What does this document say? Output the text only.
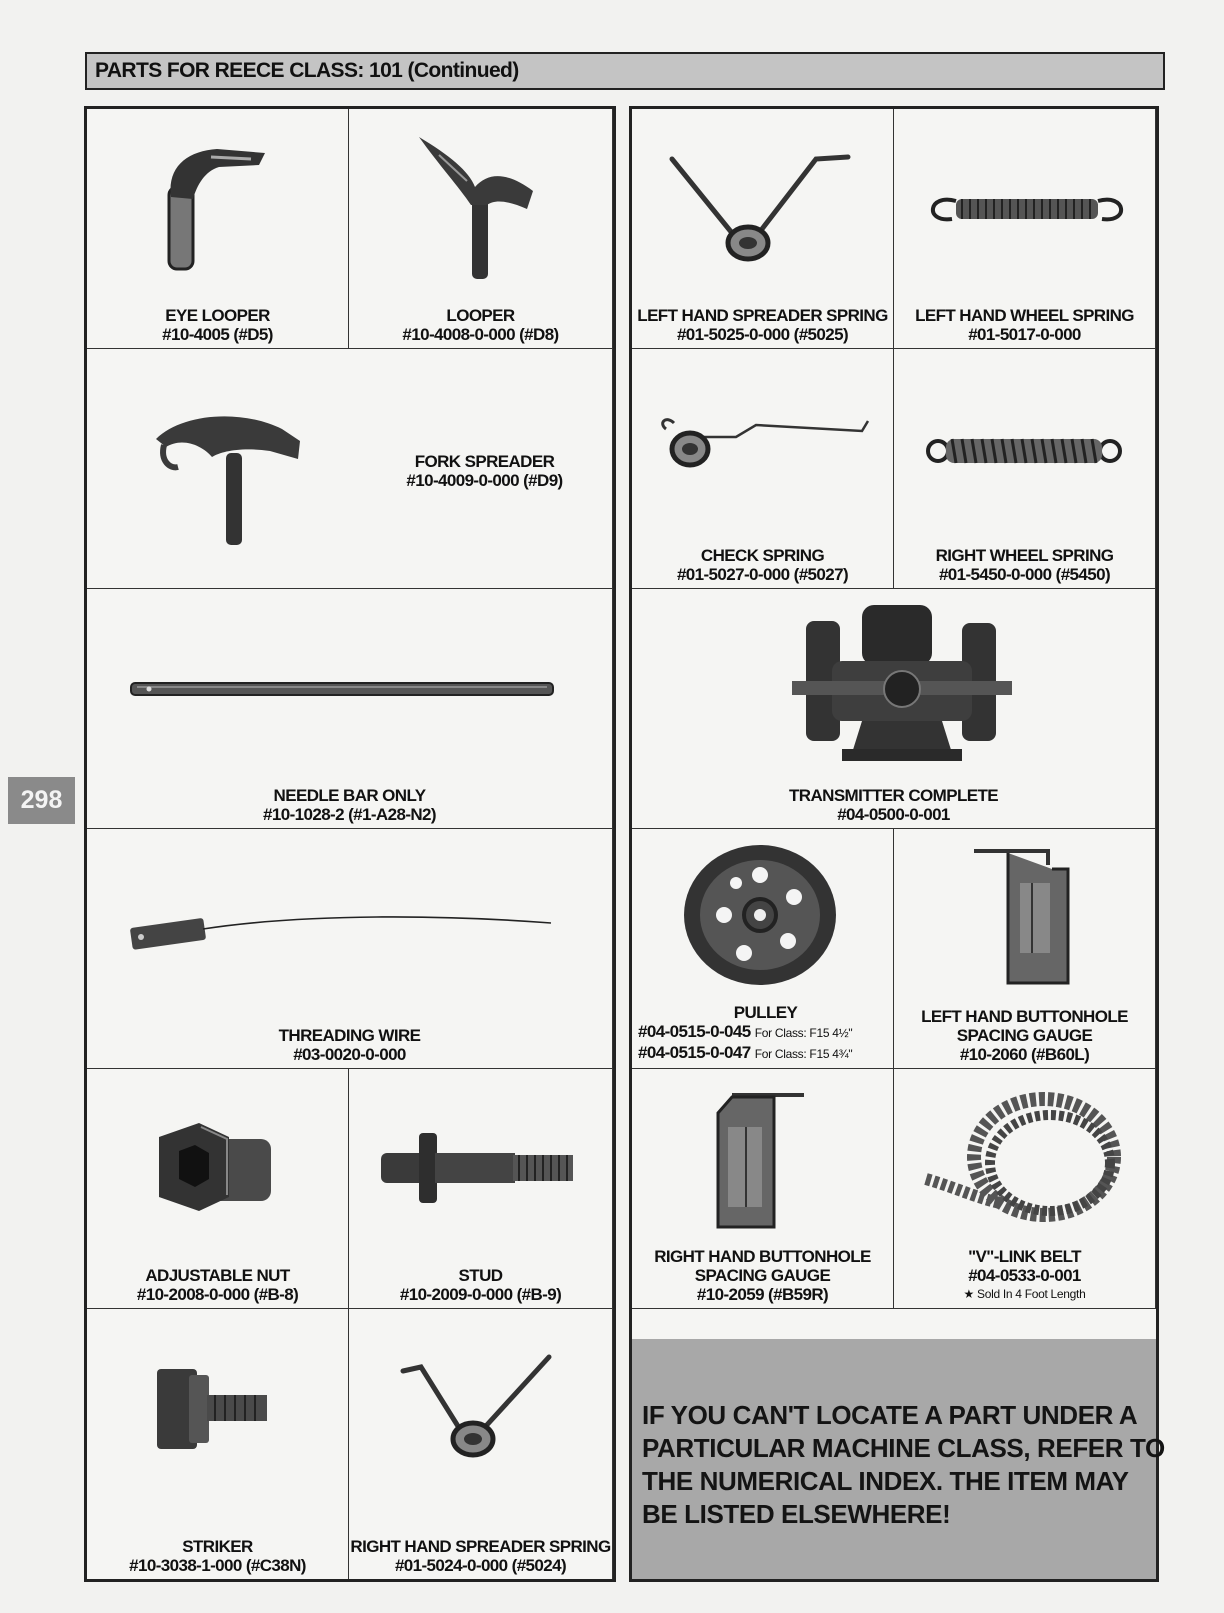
PARTS FOR REECE CLASS: 101 (Continued)
298
EYE LOOPER
#10-4005 (#D5)
LOOPER
#10-4008-0-000 (#D8)
FORK SPREADER
#10-4009-0-000 (#D9)
NEEDLE BAR ONLY
#10-1028-2 (#1-A28-N2)
THREADING WIRE
#03-0020-0-000
ADJUSTABLE NUT
#10-2008-0-000 (#B-8)
STUD
#10-2009-0-000 (#B-9)
STRIKER
#10-3038-1-000 (#C38N)
RIGHT HAND SPREADER SPRING
#01-5024-0-000 (#5024)
LEFT HAND SPREADER SPRING
#01-5025-0-000 (#5025)
LEFT HAND WHEEL SPRING
#01-5017-0-000
CHECK SPRING
#01-5027-0-000 (#5027)
RIGHT WHEEL SPRING
#01-5450-0-000 (#5450)
TRANSMITTER COMPLETE
#04-0500-0-001
PULLEY
#04-0515-0-045 For Class: F15 4½"
#04-0515-0-047 For Class: F15 4¾"
LEFT HAND BUTTONHOLE
SPACING GAUGE
#10-2060 (#B60L)
RIGHT HAND BUTTONHOLE
SPACING GAUGE
#10-2059 (#B59R)
"V"-LINK BELT
#04-0533-0-001
★ Sold In 4 Foot Length
IF YOU CAN'T LOCATE A PART UNDER A
PARTICULAR MACHINE CLASS, REFER TO
THE NUMERICAL INDEX. THE ITEM MAY
BE LISTED ELSEWHERE!
